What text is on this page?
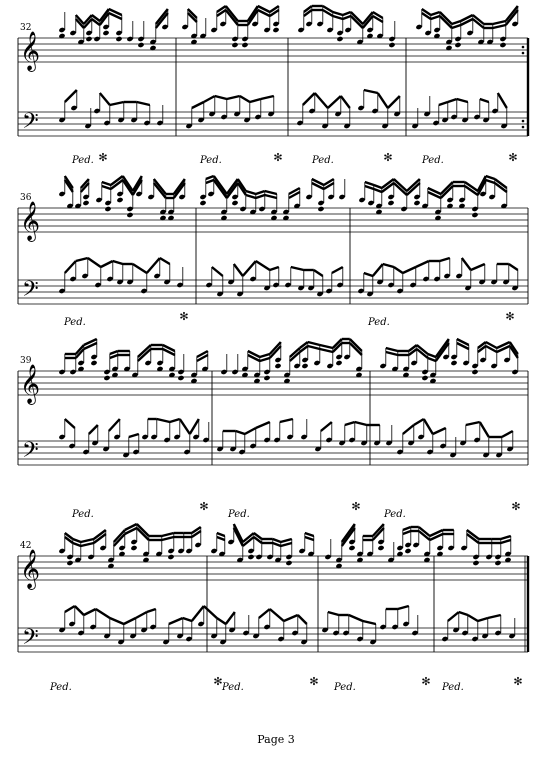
𝄞
𝄢
32
Ped.	Ped.	Ped.	Ped.
✻	✻	✻	✻
𝄞
𝄢
36
Ped.	Ped.
✻	✻
𝄞
𝄢
39
Ped.	Ped.	Ped.
✻	✻	✻
𝄞
𝄢
42
Ped.	Ped.	Ped.	Ped.
✻	✻	✻	✻
Page 3
